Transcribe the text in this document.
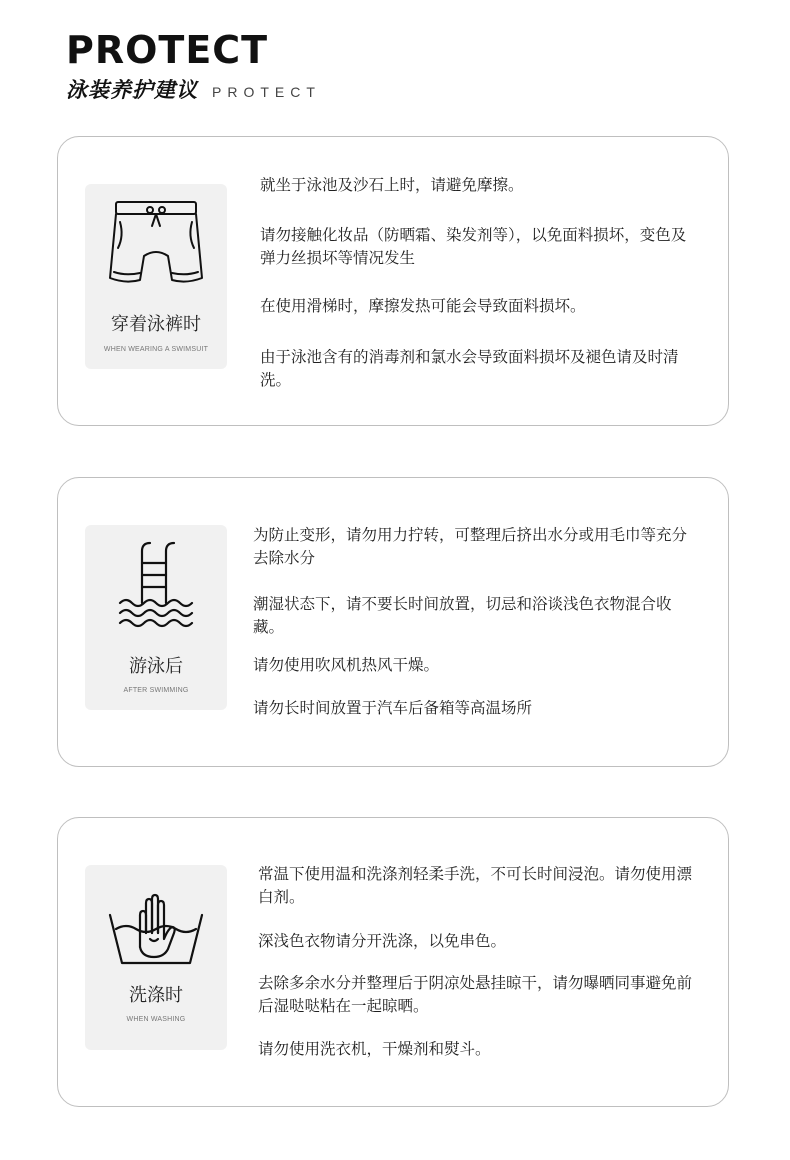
PROTECT
泳装养护建议 PROTECT
穿着泳裤时
WHEN WEARING A SWIMSUIT
就坐于泳池及沙石上时，请避免摩擦。
请勿接触化妆品（防晒霜、染发剂等），以免面料损坏，变色及弹力丝损坏等情况发生
在使用滑梯时，摩擦发热可能会导致面料损坏。
由于泳池含有的消毒剂和氯水会导致面料损坏及褪色请及时清洗。
游泳后
AFTER SWIMMING
为防止变形，请勿用力拧转，可整理后挤出水分或用毛巾等充分去除水分
潮湿状态下，请不要长时间放置，切忌和浴谈浅色衣物混合收藏。
请勿使用吹风机热风干燥。
请勿长时间放置于汽车后备箱等高温场所
洗涤时
WHEN WASHING
常温下使用温和洗涤剂轻柔手洗，不可长时间浸泡。请勿使用漂白剂。
深浅色衣物请分开洗涤，以免串色。
去除多余水分并整理后于阴凉处悬挂晾干，请勿曝晒同事避免前后湿哒哒粘在一起晾晒。
请勿使用洗衣机，干燥剂和熨斗。
